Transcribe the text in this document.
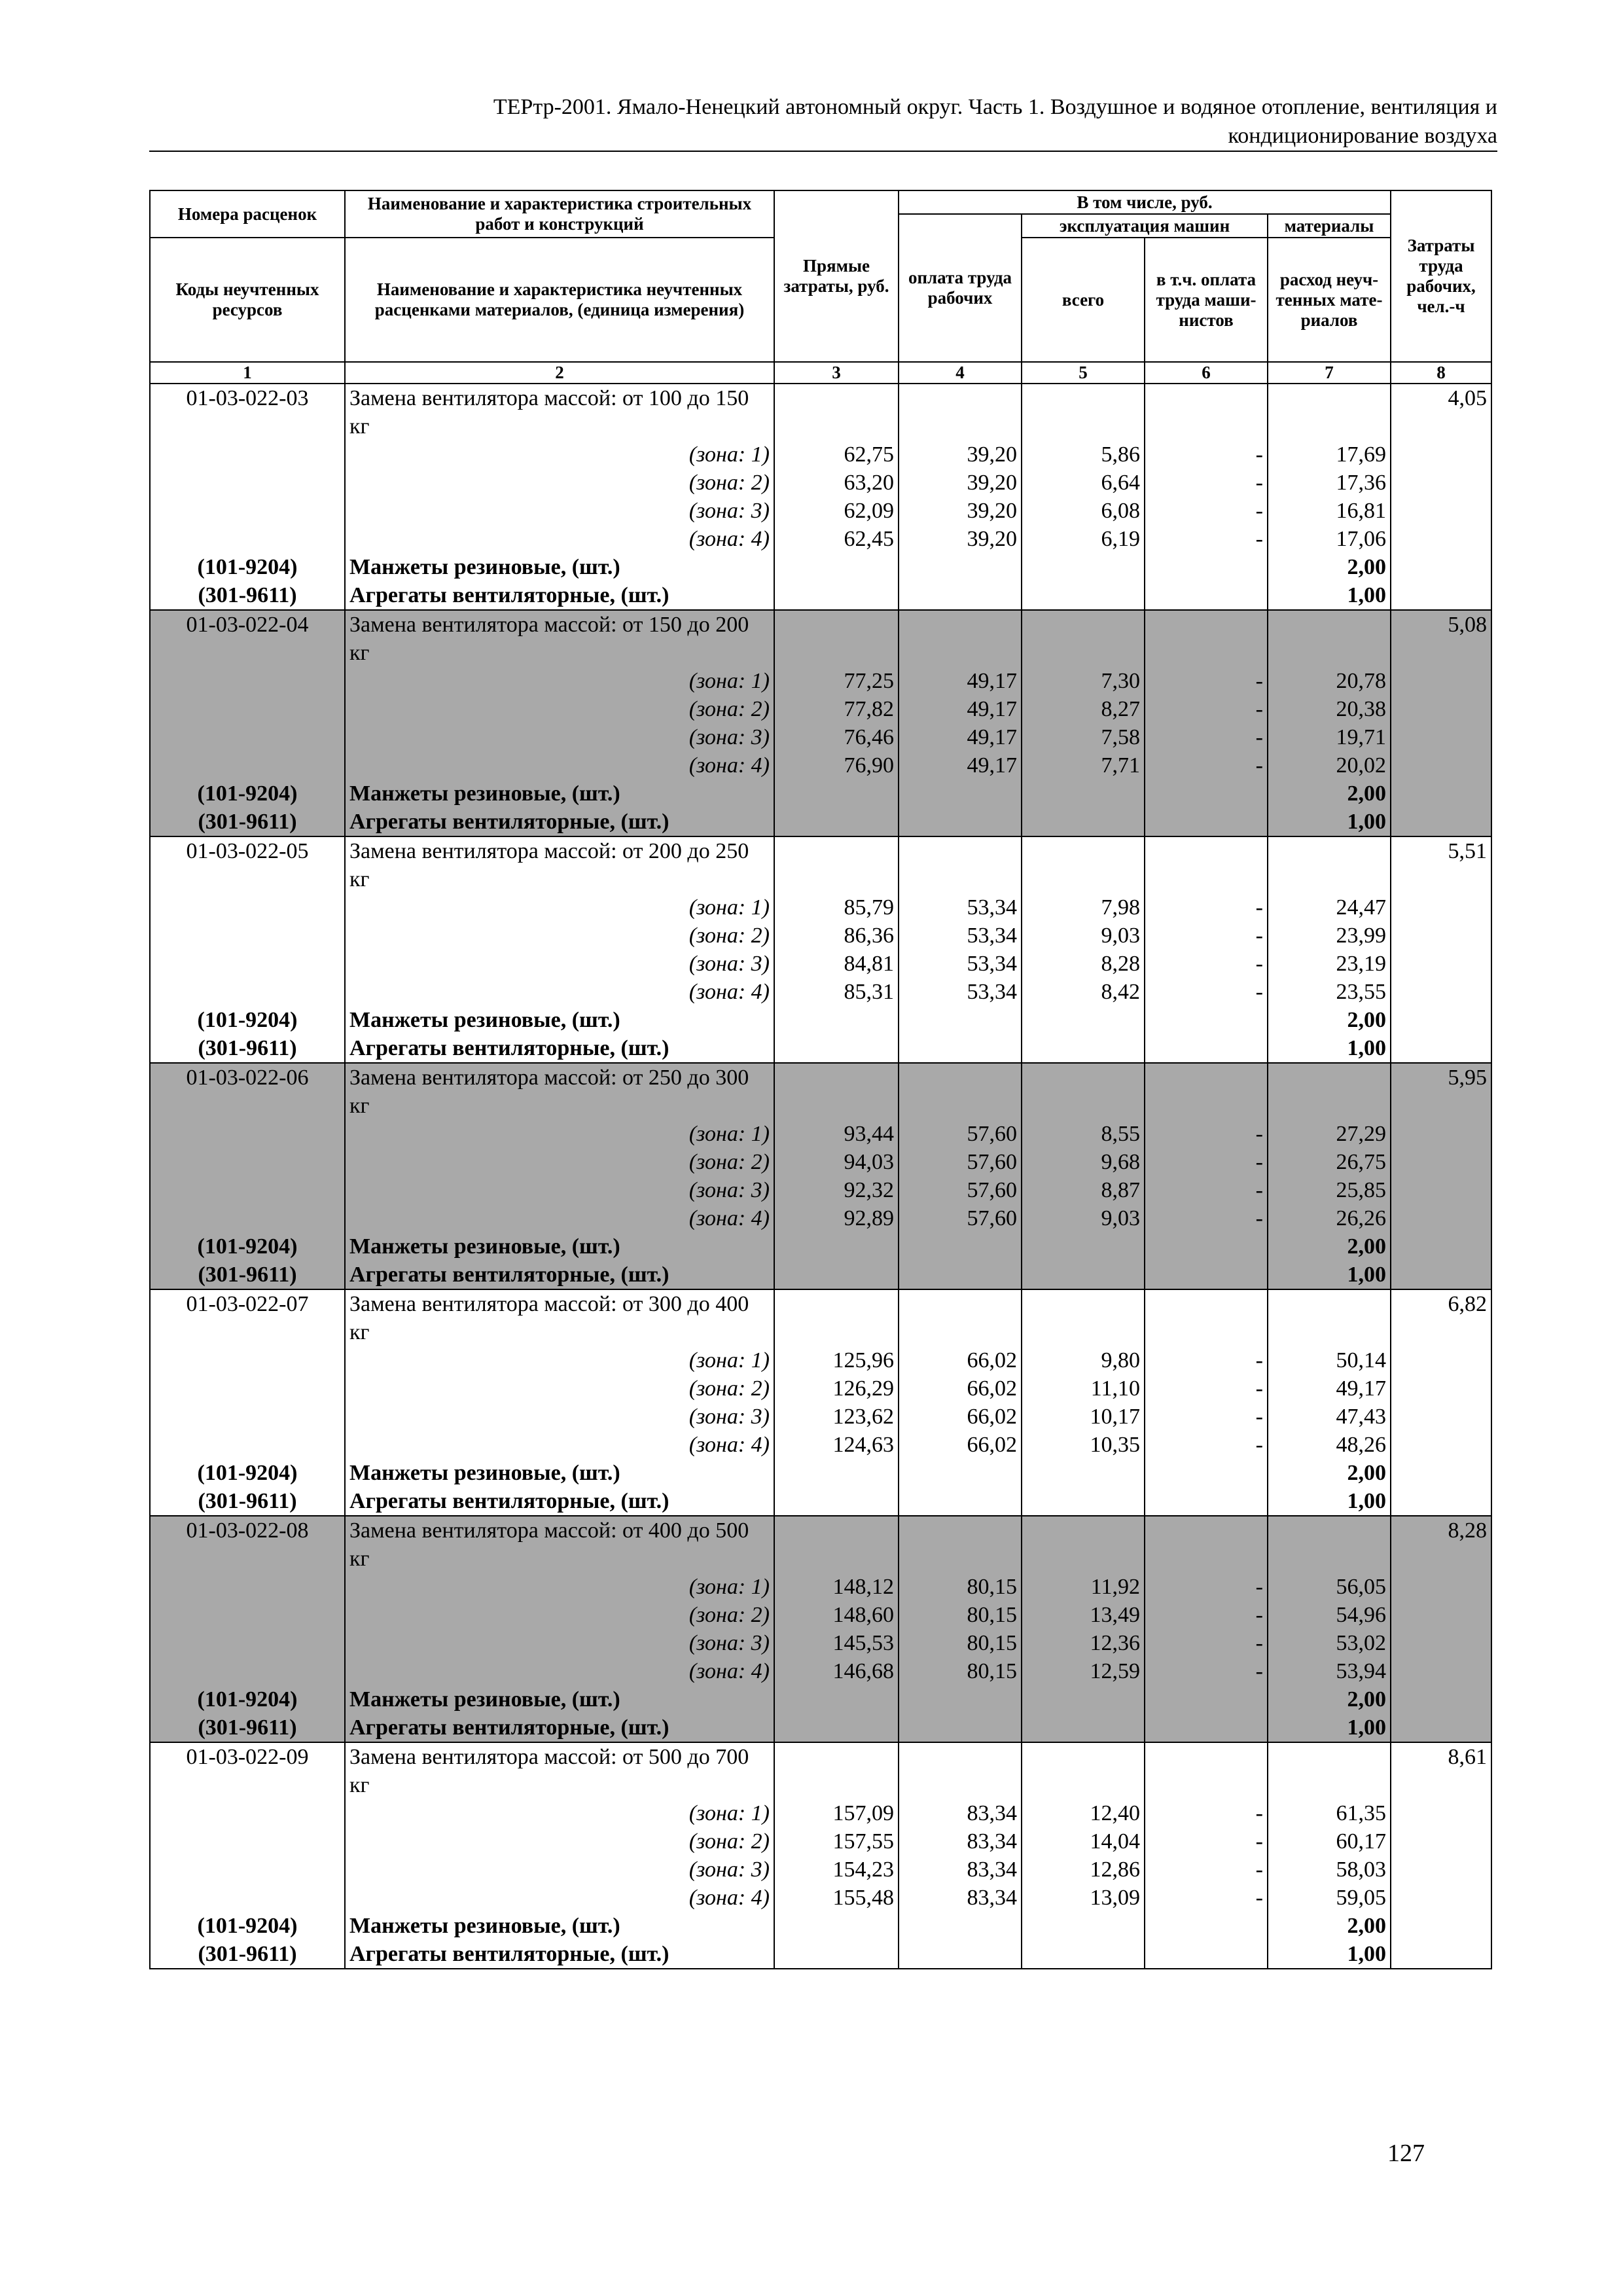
ТЕРтр-2001. Ямало-Ненецкий автономный округ. Часть 1. Воздушное и водяное отопление, вентиляция и
кондиционирование воздуха
Номера расценок	Наименование и характеристика строительных работ и конструкций	Прямые затраты, руб.	В том числе, руб.				Затраты труда рабочих, чел.-ч
			оплата труда рабочих	эксплуатация машин		материалы	
Коды неучтенных ресурсов	Наименование и характеристика неучтенных расценками материалов, (единица измерения)			всего	в т.ч. оплата труда маши- нистов	расход неуч- тенных мате- риалов	

1	2	3	4	5	6	7	8
01-03-022-03	Замена вентилятора массой: от 100 до 150 кг						4,05
	(зона: 1)	62,75	39,20	5,86	-	17,69	
	(зона: 2)	63,20	39,20	6,64	-	17,36	
	(зона: 3)	62,09	39,20	6,08	-	16,81	
	(зона: 4)	62,45	39,20	6,19	-	17,06	
(101-9204)	Манжеты резиновые, (шт.)					2,00	
(301-9611)	Агрегаты вентиляторные, (шт.)					1,00	
01-03-022-04	Замена вентилятора массой: от 150 до 200 кг						5,08
	(зона: 1)	77,25	49,17	7,30	-	20,78	
	(зона: 2)	77,82	49,17	8,27	-	20,38	
	(зона: 3)	76,46	49,17	7,58	-	19,71	
	(зона: 4)	76,90	49,17	7,71	-	20,02	
(101-9204)	Манжеты резиновые, (шт.)					2,00	
(301-9611)	Агрегаты вентиляторные, (шт.)					1,00	
01-03-022-05	Замена вентилятора массой: от 200 до 250 кг						5,51
	(зона: 1)	85,79	53,34	7,98	-	24,47	
	(зона: 2)	86,36	53,34	9,03	-	23,99	
	(зона: 3)	84,81	53,34	8,28	-	23,19	
	(зона: 4)	85,31	53,34	8,42	-	23,55	
(101-9204)	Манжеты резиновые, (шт.)					2,00	
(301-9611)	Агрегаты вентиляторные, (шт.)					1,00	
01-03-022-06	Замена вентилятора массой: от 250 до 300 кг						5,95
	(зона: 1)	93,44	57,60	8,55	-	27,29	
	(зона: 2)	94,03	57,60	9,68	-	26,75	
	(зона: 3)	92,32	57,60	8,87	-	25,85	
	(зона: 4)	92,89	57,60	9,03	-	26,26	
(101-9204)	Манжеты резиновые, (шт.)					2,00	
(301-9611)	Агрегаты вентиляторные, (шт.)					1,00	
01-03-022-07	Замена вентилятора массой: от 300 до 400 кг						6,82
	(зона: 1)	125,96	66,02	9,80	-	50,14	
	(зона: 2)	126,29	66,02	11,10	-	49,17	
	(зона: 3)	123,62	66,02	10,17	-	47,43	
	(зона: 4)	124,63	66,02	10,35	-	48,26	
(101-9204)	Манжеты резиновые, (шт.)					2,00	
(301-9611)	Агрегаты вентиляторные, (шт.)					1,00	
01-03-022-08	Замена вентилятора массой: от 400 до 500 кг						8,28
	(зона: 1)	148,12	80,15	11,92	-	56,05	
	(зона: 2)	148,60	80,15	13,49	-	54,96	
	(зона: 3)	145,53	80,15	12,36	-	53,02	
	(зона: 4)	146,68	80,15	12,59	-	53,94	
(101-9204)	Манжеты резиновые, (шт.)					2,00	
(301-9611)	Агрегаты вентиляторные, (шт.)					1,00	
01-03-022-09	Замена вентилятора массой: от 500 до 700 кг						8,61
	(зона: 1)	157,09	83,34	12,40	-	61,35	
	(зона: 2)	157,55	83,34	14,04	-	60,17	
	(зона: 3)	154,23	83,34	12,86	-	58,03	
	(зона: 4)	155,48	83,34	13,09	-	59,05	
(101-9204)	Манжеты резиновые, (шт.)					2,00	
(301-9611)	Агрегаты вентиляторные, (шт.)					1,00	
127
